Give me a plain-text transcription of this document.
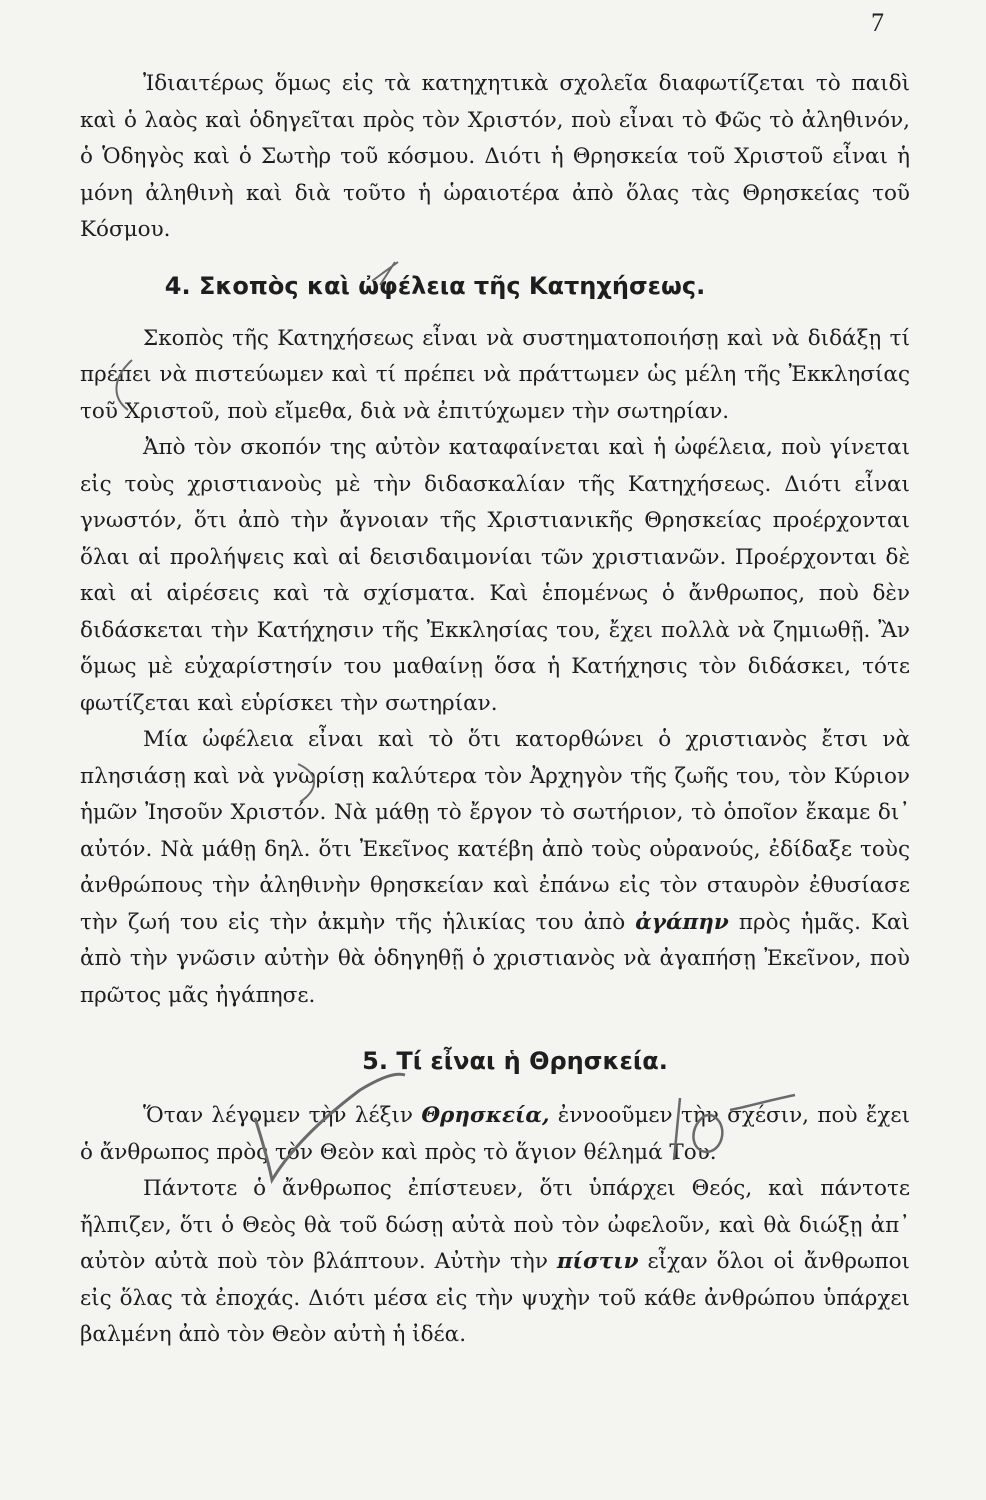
7

Ἰδιαιτέρως ὅμως εἰς τὰ κατηχητικὰ σχολεῖα διαφωτίζεται τὸ παιδὶ καὶ ὁ λαὸς καὶ ὁδηγεῖται πρὸς τὸν Χριστόν, ποὺ εἶναι τὸ Φῶς τὸ ἀληθινόν, ὁ Ὁδηγὸς καὶ ὁ Σωτὴρ τοῦ κόσμου. Διότι ἡ Θρησκεία τοῦ Χριστοῦ εἶναι ἡ μόνη ἀληθινὴ καὶ διὰ τοῦτο ἡ ὡραιοτέρα ἀπὸ ὅλας τὰς Θρησκείας τοῦ Κόσμου.

4. Σκοπὸς καὶ ὠφέλεια τῆς Κατηχήσεως.

Σκοπὸς τῆς Κατηχήσεως εἶναι νὰ συστηματοποιήσῃ καὶ νὰ διδάξῃ τί πρέπει νὰ πιστεύωμεν καὶ τί πρέπει νὰ πράττωμεν ὡς μέλη τῆς Ἐκκλησίας τοῦ Χριστοῦ, ποὺ εἴμεθα, διὰ νὰ ἐπιτύχωμεν τὴν σωτηρίαν.

Ἀπὸ τὸν σκοπόν της αὐτὸν καταφαίνεται καὶ ἡ ὠφέλεια, ποὺ γίνεται εἰς τοὺς χριστιανοὺς μὲ τὴν διδασκαλίαν τῆς Κατηχήσεως. Διότι εἶναι γνωστόν, ὅτι ἀπὸ τὴν ἄγνοιαν τῆς Χριστιανικῆς Θρησκείας προέρχονται ὅλαι αἱ προλήψεις καὶ αἱ δεισιδαιμονίαι τῶν χριστιανῶν. Προέρχονται δὲ καὶ αἱ αἱρέσεις καὶ τὰ σχίσματα. Καὶ ἑπομένως ὁ ἄνθρωπος, ποὺ δὲν διδάσκεται τὴν Κατήχησιν τῆς Ἐκκλησίας του, ἔχει πολλὰ νὰ ζημιωθῇ. Ἂν ὅμως μὲ εὐχαρίστησίν του μαθαίνῃ ὅσα ἡ Κατήχησις τὸν διδάσκει, τότε φωτίζεται καὶ εὑρίσκει τὴν σωτηρίαν.

Μία ὠφέλεια εἶναι καὶ τὸ ὅτι κατορθώνει ὁ χριστιανὸς ἔτσι νὰ πλησιάσῃ καὶ νὰ γνωρίσῃ καλύτερα τὸν Ἀρχηγὸν τῆς ζωῆς του, τὸν Κύριον ἡμῶν Ἰησοῦν Χριστόν. Νὰ μάθῃ τὸ ἔργον τὸ σωτήριον, τὸ ὁποῖον ἔκαμε δι᾽ αὐτόν. Νὰ μάθῃ δηλ. ὅτι Ἐκεῖνος κατέβη ἀπὸ τοὺς οὐρανούς, ἐδίδαξε τοὺς ἀνθρώπους τὴν ἀληθινὴν θρησκείαν καὶ ἐπάνω εἰς τὸν σταυρὸν ἐθυσίασε τὴν ζωή του εἰς τὴν ἀκμὴν τῆς ἡλικίας του ἀπὸ ἀγάπην πρὸς ἡμᾶς. Καὶ ἀπὸ τὴν γνῶσιν αὐτὴν θὰ ὁδηγηθῇ ὁ χριστιανὸς νὰ ἀγαπήσῃ Ἐκεῖνον, ποὺ πρῶτος μᾶς ἠγάπησε.

5. Τί εἶναι ἡ Θρησκεία.

Ὅταν λέγομεν τὴν λέξιν Θρησκεία, ἐννοοῦμεν τὴν σχέσιν, ποὺ ἔχει ὁ ἄνθρωπος πρὸς τὸν Θεὸν καὶ πρὸς τὸ ἅγιον θέλημά Του.

Πάντοτε ὁ ἄνθρωπος ἐπίστευεν, ὅτι ὑπάρχει Θεός, καὶ πάντοτε ἤλπιζεν, ὅτι ὁ Θεὸς θὰ τοῦ δώσῃ αὐτὰ ποὺ τὸν ὠφελοῦν, καὶ θὰ διώξῃ ἀπ᾽ αὐτὸν αὐτὰ ποὺ τὸν βλάπτουν. Αὐτὴν τὴν πίστιν εἶχαν ὅλοι οἱ ἄνθρωποι εἰς ὅλας τὰ ἐποχάς. Διότι μέσα εἰς τὴν ψυχὴν τοῦ κάθε ἀνθρώπου ὑπάρχει βαλμένη ἀπὸ τὸν Θεὸν αὐτὴ ἡ ἰδέα.
